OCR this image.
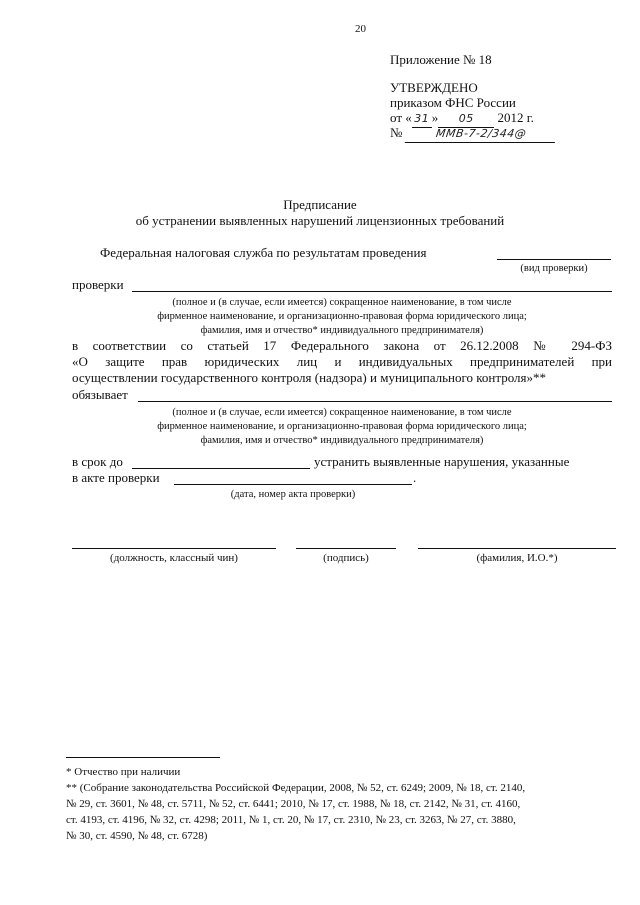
20
Приложение № 18
УТВЕРЖДЕНО
приказом ФНС России
от « 31 » 05 2012 г.
№	ММВ-7-2/344@
Предписание
об устранении выявленных нарушений лицензионных требований
Федеральная налоговая служба по результатам проведения
(вид проверки)
проверки
(полное и (в случае, если имеется) сокращенное наименование, в том числе
фирменное наименование, и организационно-правовая форма юридического лица;
фамилия, имя и отчество* индивидуального предпринимателя)
в соответствии со статьей 17 Федерального закона от 26.12.2008 № 294-ФЗ
«О защите прав юридических лиц и индивидуальных предпринимателей при
осуществлении государственного контроля (надзора) и муниципального контроля»**
обязывает
(полное и (в случае, если имеется) сокращенное наименование, в том числе
фирменное наименование, и организационно-правовая форма юридического лица;
фамилия, имя и отчество* индивидуального предпринимателя)
в срок до	устранить выявленные нарушения, указанные
в акте проверки	.
(дата, номер акта проверки)
(должность, классный чин)	(подпись)	(фамилия, И.О.*)
* Отчество при наличии
** (Собрание законодательства Российской Федерации, 2008, № 52, ст. 6249; 2009, № 18, ст. 2140,
№ 29, ст. 3601, № 48, ст. 5711, № 52, ст. 6441; 2010, № 17, ст. 1988, № 18, ст. 2142, № 31, ст. 4160,
ст. 4193, ст. 4196, № 32, ст. 4298; 2011, № 1, ст. 20, № 17, ст. 2310, № 23, ст. 3263, № 27, ст. 3880,
№ 30, ст. 4590, № 48, ст. 6728)
